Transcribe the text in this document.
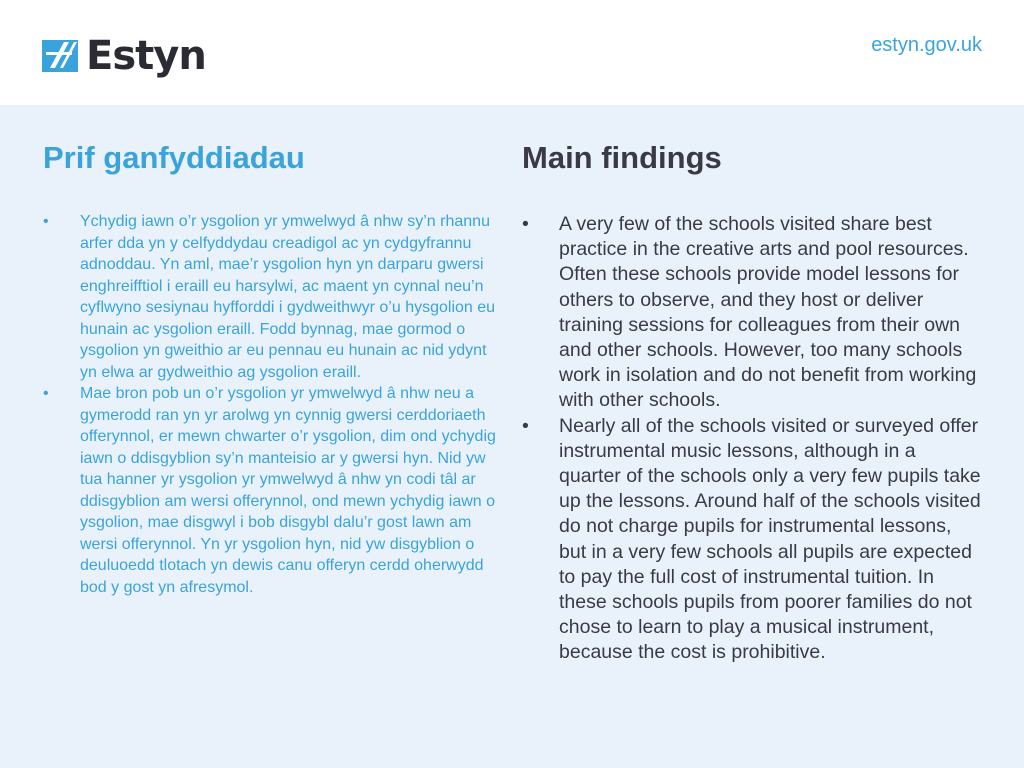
Estyn	estyn.gov.uk
Prif ganfyddiadau
• Ychydig iawn o’r ysgolion yr ymwelwyd â nhw sy’n rhannu arfer dda yn y celfyddydau creadigol ac yn cydgyfrannu adnoddau. Yn aml, mae’r ysgolion hyn yn darparu gwersi enghreifftiol i eraill eu harsylwi, ac maent yn cynnal neu’n cyflwyno sesiynau hyfforddi i gydweithwyr o’u hysgolion eu hunain ac ysgolion eraill. Fodd bynnag, mae gormod o ysgolion yn gweithio ar eu pennau eu hunain ac nid ydynt yn elwa ar gydweithio ag ysgolion eraill.
• Mae bron pob un o’r ysgolion yr ymwelwyd â nhw neu a gymerodd ran yn yr arolwg yn cynnig gwersi cerddoriaeth offerynnol, er mewn chwarter o’r ysgolion, dim ond ychydig iawn o ddisgyblion sy’n manteisio ar y gwersi hyn. Nid yw tua hanner yr ysgolion yr ymwelwyd â nhw yn codi tâl ar ddisgyblion am wersi offerynnol, ond mewn ychydig iawn o ysgolion, mae disgwyl i bob disgybl dalu’r gost lawn am wersi offerynnol. Yn yr ysgolion hyn, nid yw disgyblion o deuluoedd tlotach yn dewis canu offeryn cerdd oherwydd bod y gost yn afresymol.
Main findings
• A very few of the schools visited share best practice in the creative arts and pool resources. Often these schools provide model lessons for others to observe, and they host or deliver training sessions for colleagues from their own and other schools. However, too many schools work in isolation and do not benefit from working with other schools.
• Nearly all of the schools visited or surveyed offer instrumental music lessons, although in a quarter of the schools only a very few pupils take up the lessons. Around half of the schools visited do not charge pupils for instrumental lessons, but in a very few schools all pupils are expected to pay the full cost of instrumental tuition. In these schools pupils from poorer families do not chose to learn to play a musical instrument, because the cost is prohibitive.
